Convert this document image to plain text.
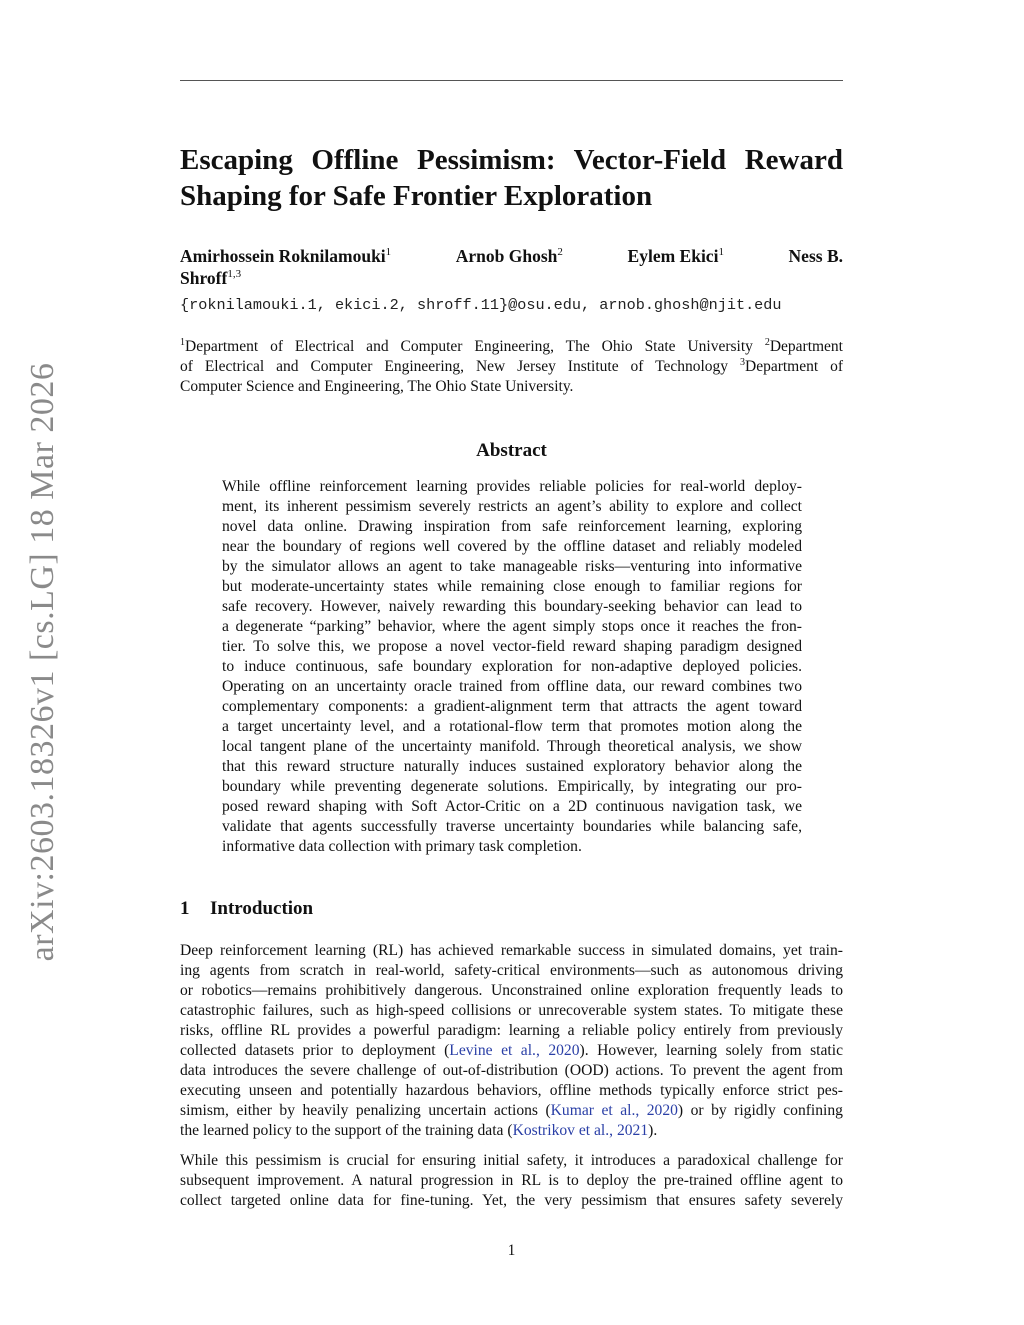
arXiv:2603.18326v1 [cs.LG] 18 Mar 2026
Escaping Offline Pessimism: Vector-Field Reward
Shaping for Safe Frontier Exploration
Amirhossein Roknilamouki$^1$	Arnob Ghosh$^2$	Eylem Ekici$^1$	Ness B.
Shroff$^{1,3}$
{roknilamouki.1, ekici.2, shroff.11}@osu.edu, arnob.ghosh@njit.edu
$^1$Department of Electrical and Computer Engineering, The Ohio State University $^2$Department
of Electrical and Computer Engineering, New Jersey Institute of Technology $^3$Department of
Computer Science and Engineering, The Ohio State University.
Abstract
While offline reinforcement learning provides reliable policies for real-world deploy-
ment, its inherent pessimism severely restricts an agent’s ability to explore and collect
novel data online. Drawing inspiration from safe reinforcement learning, exploring
near the boundary of regions well covered by the offline dataset and reliably modeled
by the simulator allows an agent to take manageable risks—venturing into informative
but moderate-uncertainty states while remaining close enough to familiar regions for
safe recovery. However, naively rewarding this boundary-seeking behavior can lead to
a degenerate “parking” behavior, where the agent simply stops once it reaches the fron-
tier. To solve this, we propose a novel vector-field reward shaping paradigm designed
to induce continuous, safe boundary exploration for non-adaptive deployed policies.
Operating on an uncertainty oracle trained from offline data, our reward combines two
complementary components: a gradient-alignment term that attracts the agent toward
a target uncertainty level, and a rotational-flow term that promotes motion along the
local tangent plane of the uncertainty manifold. Through theoretical analysis, we show
that this reward structure naturally induces sustained exploratory behavior along the
boundary while preventing degenerate solutions. Empirically, by integrating our pro-
posed reward shaping with Soft Actor-Critic on a 2D continuous navigation task, we
validate that agents successfully traverse uncertainty boundaries while balancing safe,
informative data collection with primary task completion.
1 Introduction
Deep reinforcement learning (RL) has achieved remarkable success in simulated domains, yet train-
ing agents from scratch in real-world, safety-critical environments—such as autonomous driving
or robotics—remains prohibitively dangerous. Unconstrained online exploration frequently leads to
catastrophic failures, such as high-speed collisions or unrecoverable system states. To mitigate these
risks, offline RL provides a powerful paradigm: learning a reliable policy entirely from previously
collected datasets prior to deployment (Levine et al., 2020). However, learning solely from static
data introduces the severe challenge of out-of-distribution (OOD) actions. To prevent the agent from
executing unseen and potentially hazardous behaviors, offline methods typically enforce strict pes-
simism, either by heavily penalizing uncertain actions (Kumar et al., 2020) or by rigidly confining
the learned policy to the support of the training data (Kostrikov et al., 2021).
While this pessimism is crucial for ensuring initial safety, it introduces a paradoxical challenge for
subsequent improvement. A natural progression in RL is to deploy the pre-trained offline agent to
collect targeted online data for fine-tuning. Yet, the very pessimism that ensures safety severely
1
